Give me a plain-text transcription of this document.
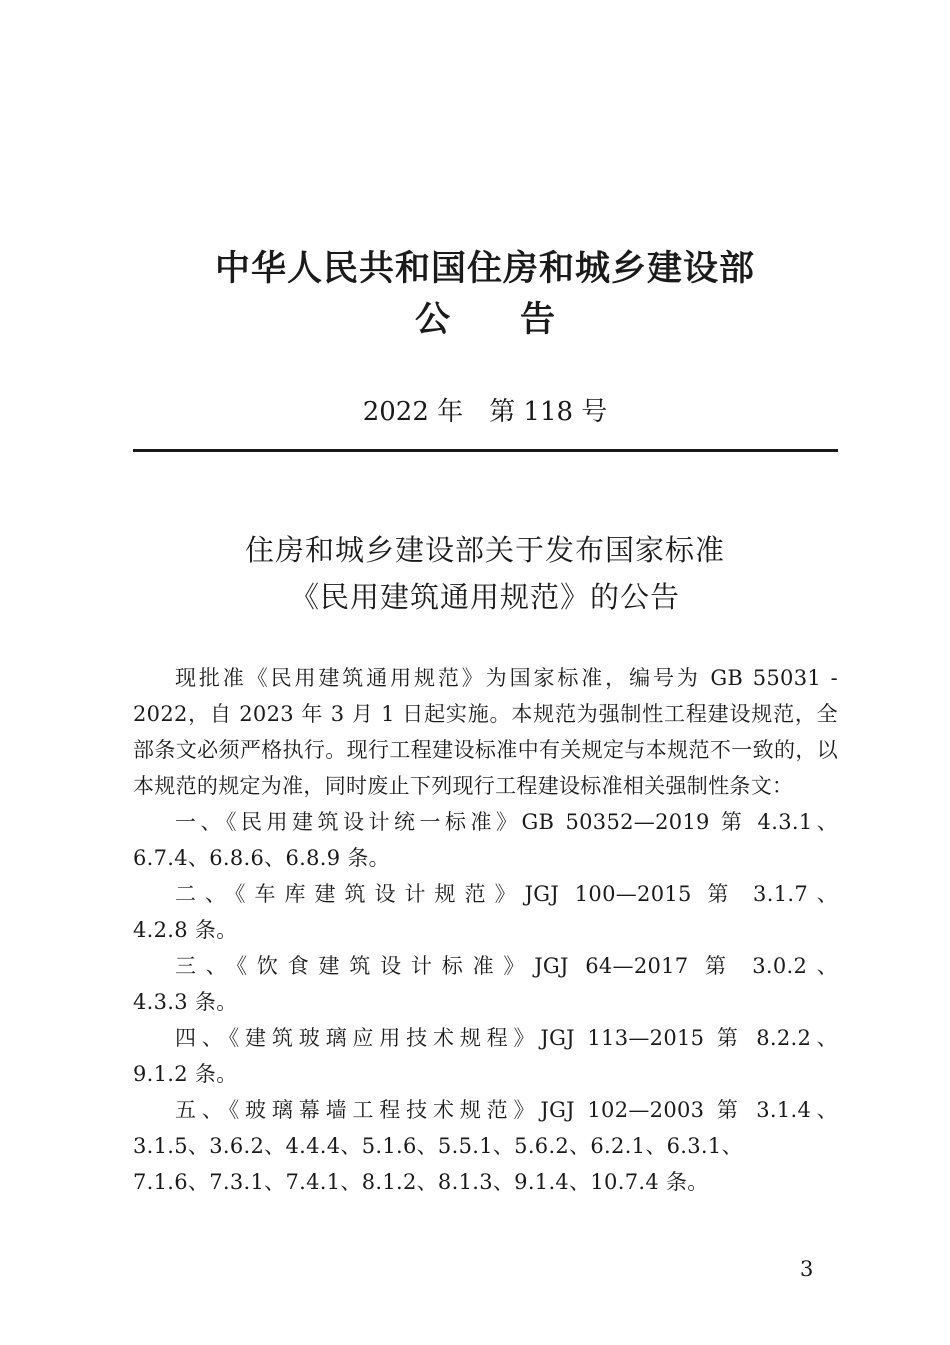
中华人民共和国住房和城乡建设部
公　　告
2022 年　第 118 号
住房和城乡建设部关于发布国家标准
《民用建筑通用规范》的公告

现批准《民用建筑通用规范》为国家标准，编号为 GB 55031 - 2022，自 2023 年 3 月 1 日起实施。本规范为强制性工程建设规范，全部条文必须严格执行。现行工程建设标准中有关规定与本规范不一致的，以本规范的规定为准，同时废止下列现行工程建设标准相关强制性条文：

一、《民用建筑设计统一标准》GB 50352—2019 第 4.3.1、
6.7.4、6.8.6、6.8.9 条。
二、《车库建筑设计规范》JGJ 100—2015 第 3.1.7、
4.2.8 条。
三、《饮食建筑设计标准》JGJ 64—2017 第 3.0.2、
4.3.3 条。
四、《建筑玻璃应用技术规程》JGJ 113—2015 第 8.2.2、
9.1.2 条。
五、《玻璃幕墙工程技术规范》JGJ 102—2003 第 3.1.4、
3.1.5、3.6.2、4.4.4、5.1.6、5.5.1、5.6.2、6.2.1、6.3.1、
7.1.6、7.3.1、7.4.1、8.1.2、8.1.3、9.1.4、10.7.4 条。
3
